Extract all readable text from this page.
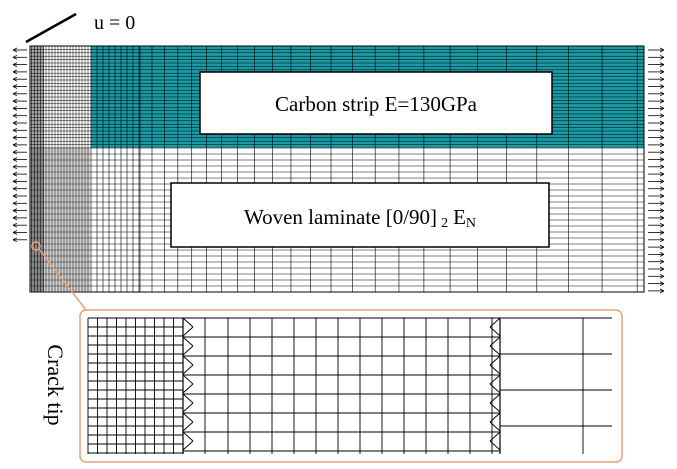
u = 0
Carbon strip E=130GPa
Woven laminate [0/90] 2 EN
Crack tip
